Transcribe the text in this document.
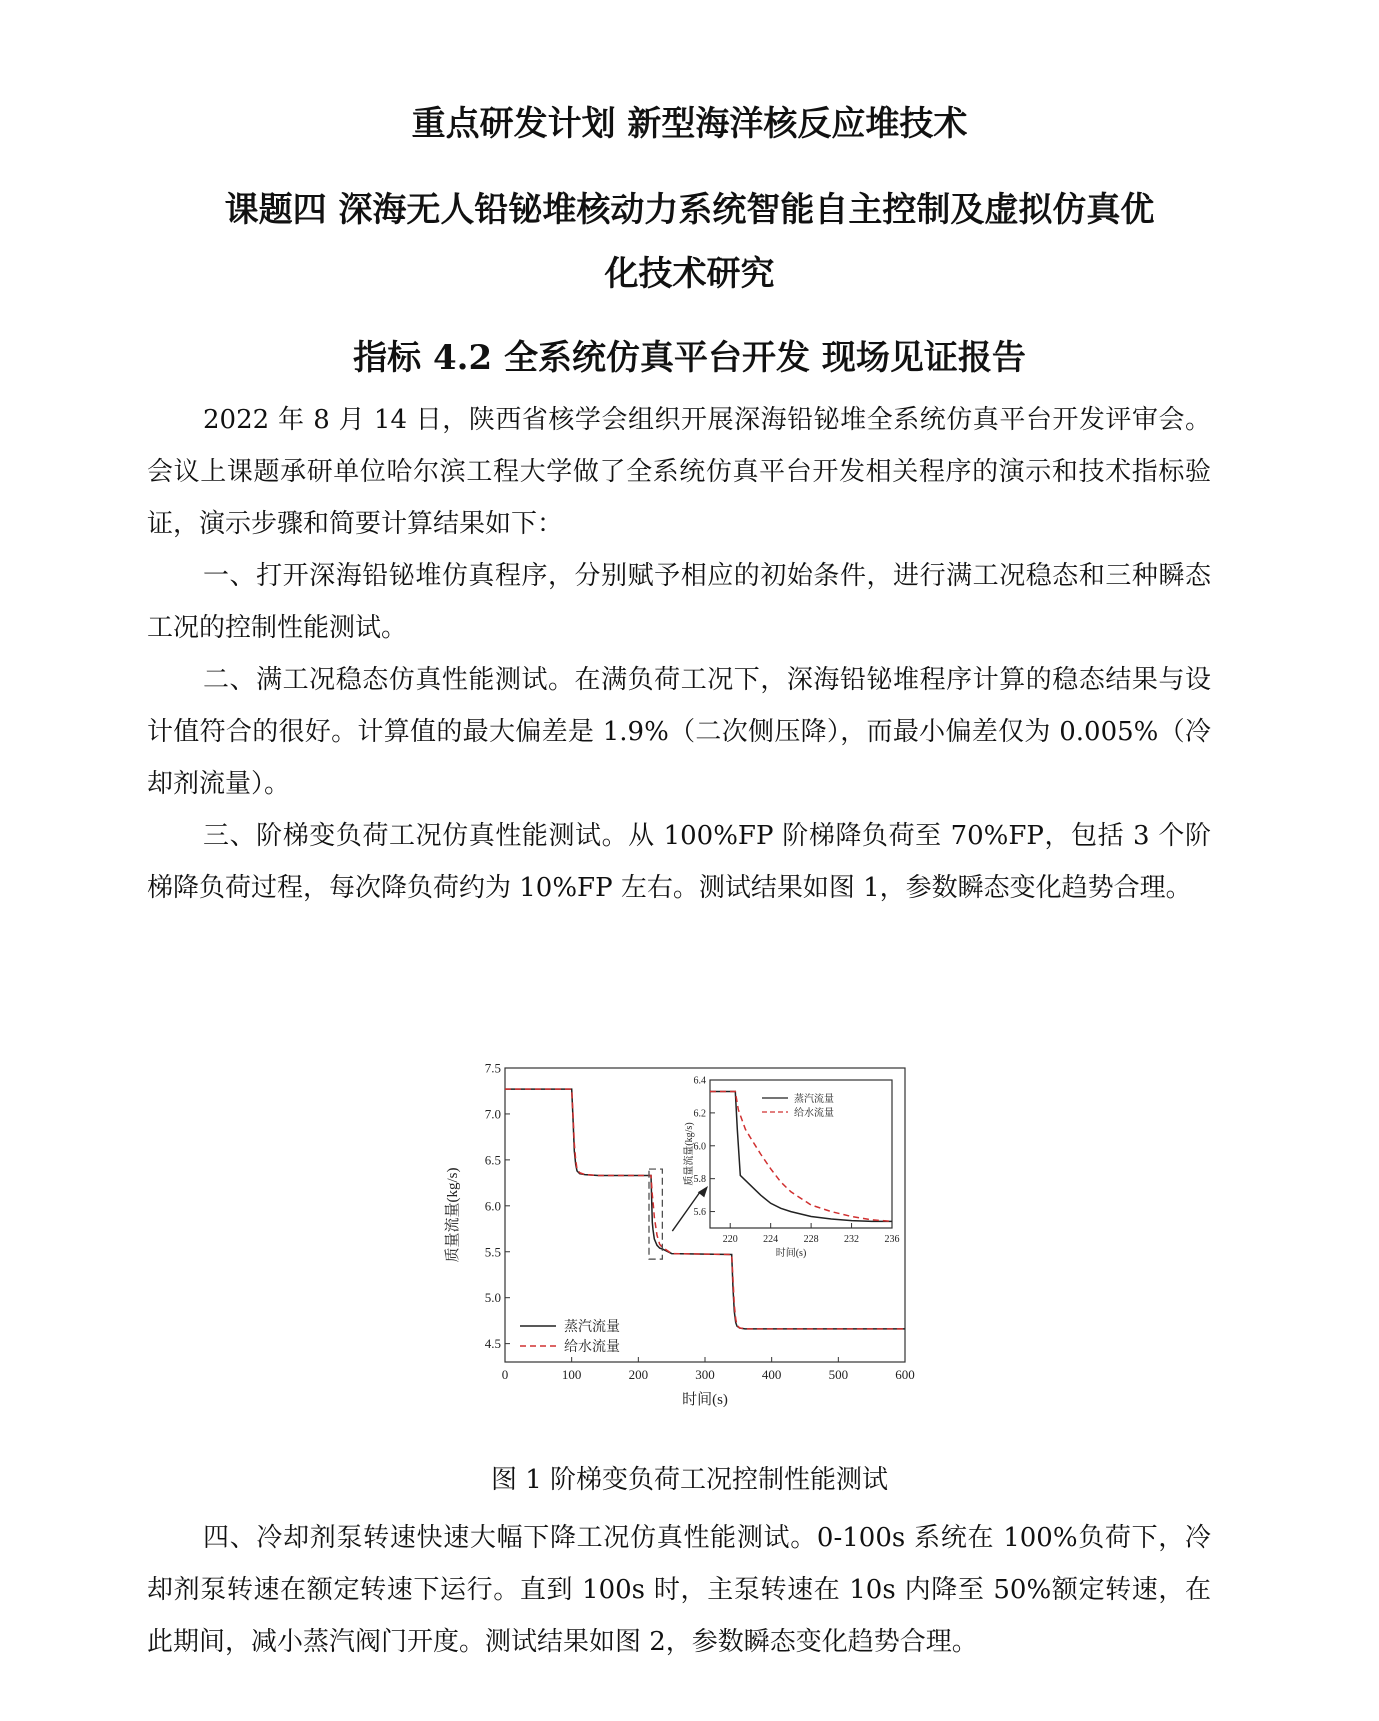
重点研发计划 新型海洋核反应堆技术
课题四 深海无人铅铋堆核动力系统智能自主控制及虚拟仿真优
化技术研究
指标 4.2 全系统仿真平台开发 现场见证报告
2022 年 8 月 14 日，陕西省核学会组织开展深海铅铋堆全系统仿真平台开发评审会。会议上课题承研单位哈尔滨工程大学做了全系统仿真平台开发相关程序的演示和技术指标验证，演示步骤和简要计算结果如下：
一、打开深海铅铋堆仿真程序，分别赋予相应的初始条件，进行满工况稳态和三种瞬态工况的控制性能测试。
二、满工况稳态仿真性能测试。在满负荷工况下，深海铅铋堆程序计算的稳态结果与设计值符合的很好。计算值的最大偏差是 1.9%（二次侧压降），而最小偏差仅为 0.005%（冷却剂流量）。
三、阶梯变负荷工况仿真性能测试。从 100%FP 阶梯降负荷至 70%FP，包括 3 个阶梯降负荷过程，每次降负荷约为 10%FP 左右。测试结果如图 1，参数瞬态变化趋势合理。
0	100	200	300	400	500	600
4.5
5.0
5.5
6.0
6.5
7.0
7.5
时间(s)
质量流量(kg/s)
蒸汽流量
给水流量
220	224	228	232	236
5.6
5.8
6.0
6.2
6.4
时间(s)
质量流量(kg/s)
蒸汽流量
给水流量
图 1 阶梯变负荷工况控制性能测试
四、冷却剂泵转速快速大幅下降工况仿真性能测试。0-100s 系统在 100%负荷下，冷却剂泵转速在额定转速下运行。直到 100s 时，主泵转速在 10s 内降至 50%额定转速，在此期间，减小蒸汽阀门开度。测试结果如图 2，参数瞬态变化趋势合理。
